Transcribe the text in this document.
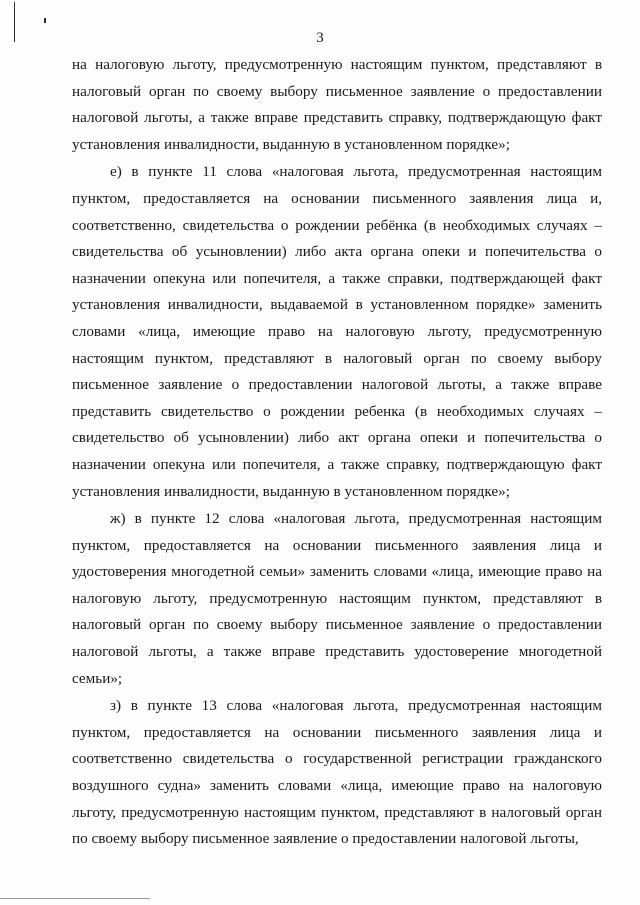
3

на налоговую льготу, предусмотренную настоящим пунктом, представляют в налоговый орган по своему выбору письменное заявление о предоставлении налоговой льготы, а также вправе представить справку, подтверждающую факт установления инвалидности, выданную в установленном порядке»;

е) в пункте 11 слова «налоговая льгота, предусмотренная настоящим пунктом, предоставляется на основании письменного заявления лица и, соответственно, свидетельства о рождении ребёнка (в необходимых случаях – свидетельства об усыновлении) либо акта органа опеки и попечительства о назначении опекуна или попечителя, а также справки, подтверждающей факт установления инвалидности, выдаваемой в установленном порядке» заменить словами «лица, имеющие право на налоговую льготу, предусмотренную настоящим пунктом, представляют в налоговый орган по своему выбору письменное заявление о предоставлении налоговой льготы, а также вправе представить свидетельство о рождении ребенка (в необходимых случаях – свидетельство об усыновлении) либо акт органа опеки и попечительства о назначении опекуна или попечителя, а также справку, подтверждающую факт установления инвалидности, выданную в установленном порядке»;

ж) в пункте 12 слова «налоговая льгота, предусмотренная настоящим пунктом, предоставляется на основании письменного заявления лица и удостоверения многодетной семьи» заменить словами «лица, имеющие право на налоговую льготу, предусмотренную настоящим пунктом, представляют в налоговый орган по своему выбору письменное заявление о предоставлении налоговой льготы, а также вправе представить удостоверение многодетной семьи»;

з) в пункте 13 слова «налоговая льгота, предусмотренная настоящим пунктом, предоставляется на основании письменного заявления лица и соответственно свидетельства о государственной регистрации гражданского воздушного судна» заменить словами «лица, имеющие право на налоговую льготу, предусмотренную настоящим пунктом, представляют в налоговый орган по своему выбору письменное заявление о предоставлении налоговой льготы,
